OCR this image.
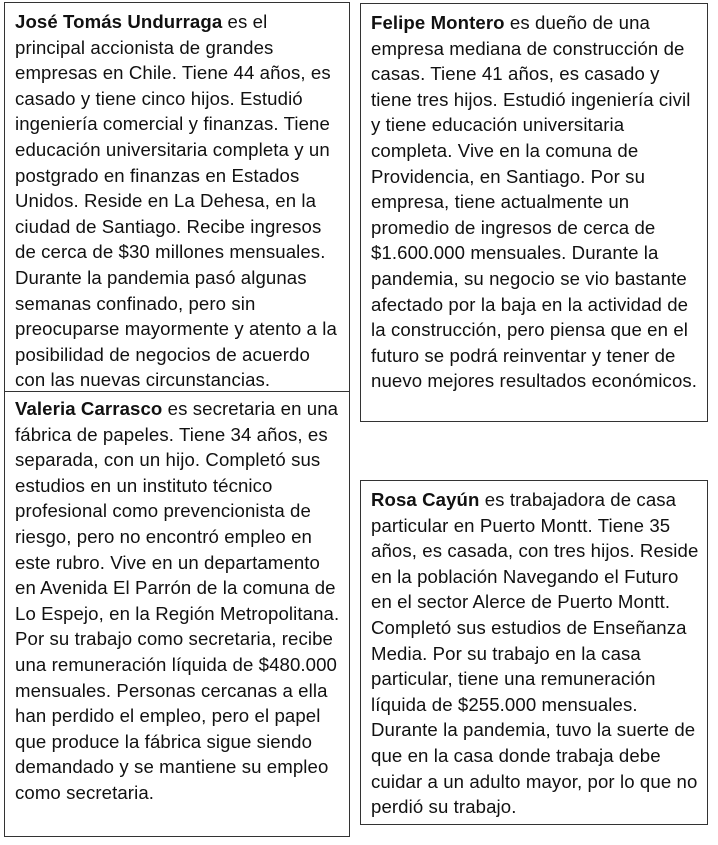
José Tomás Undurraga es el principal accionista de grandes empresas en Chile. Tiene 44 años, es casado y tiene cinco hijos. Estudió ingeniería comercial y finanzas. Tiene educación universitaria completa y un postgrado en finanzas en Estados Unidos. Reside en La Dehesa, en la ciudad de Santiago. Recibe ingresos de cerca de $30 millones mensuales. Durante la pandemia pasó algunas semanas confinado, pero sin preocuparse mayormente y atento a la posibilidad de negocios de acuerdo con las nuevas circunstancias.

Felipe Montero es dueño de una empresa mediana de construcción de casas. Tiene 41 años, es casado y tiene tres hijos. Estudió ingeniería civil y tiene educación universitaria completa. Vive en la comuna de Providencia, en Santiago. Por su empresa, tiene actualmente un promedio de ingresos de cerca de $1.600.000 mensuales. Durante la pandemia, su negocio se vio bastante afectado por la baja en la actividad de la construcción, pero piensa que en el futuro se podrá reinventar y tener de nuevo mejores resultados económicos.

Valeria Carrasco es secretaria en una fábrica de papeles. Tiene 34 años, es separada, con un hijo. Completó sus estudios en un instituto técnico profesional como prevencionista de riesgo, pero no encontró empleo en este rubro. Vive en un departamento en Avenida El Parrón de la comuna de Lo Espejo, en la Región Metropolitana. Por su trabajo como secretaria, recibe una remuneración líquida de $480.000 mensuales. Personas cercanas a ella han perdido el empleo, pero el papel que produce la fábrica sigue siendo demandado y se mantiene su empleo como secretaria.

Rosa Cayún es trabajadora de casa particular en Puerto Montt. Tiene 35 años, es casada, con tres hijos. Reside en la población Navegando el Futuro en el sector Alerce de Puerto Montt. Completó sus estudios de Enseñanza Media. Por su trabajo en la casa particular, tiene una remuneración líquida de $255.000 mensuales. Durante la pandemia, tuvo la suerte de que en la casa donde trabaja debe cuidar a un adulto mayor, por lo que no perdió su trabajo.
